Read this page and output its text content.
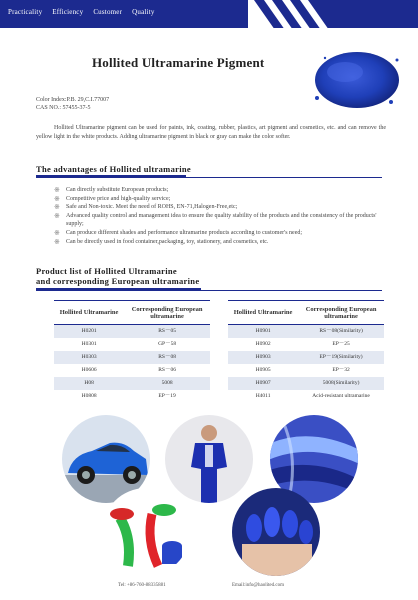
Practicality Efficiency Customer Quality
Hollited Ultramarine Pigment
Color Index:P.B. 29,C.I.77007
CAS NO.: 57455-37-5
Hollited Ultramarine pigment can be used for paints, ink, coating, rubber, plastics, art pigment and cosmetics, etc. and can remove the yellow light in the white products. Adding ultramarine pigment in black or gray can make the color softer.
The advantages of Hollited ultramarine
※ Can directly substitute European products;
※ Competitive price and high-quality service;
※ Safe and Non-toxic. Meet the need of ROHS, EN-71,Halogen-Free,etc;
※ Advanced quality control and management idea to ensure the quality stability of the products and the consistency of the products' supply;
※ Can produce different shades and performance ultramarine products according to customer's need;
※ Can be directly used in food container,packaging, toy, stationery, and cosmetics, etc.
Product list of Hollited Ultramarine
and corresponding European ultramarine
Hollited Ultramarine	Corresponding European ultramarine
H0201	RS－05
H0301	GP－58
H0303	RS－08
H0606	RS－06
H08	5008
H0808	EP－19
Hollited Ultramarine	Corresponding European ultramarine
H0901	RS－08(Similarity)
H0902	EP－25
H0903	EP－19(Similarity)
H0905	EP－32
H0907	5008(Similarity)
H4011	Acid-resistant ultramarine
Tel: +86-760-88335881	Email:info@haolited.com
